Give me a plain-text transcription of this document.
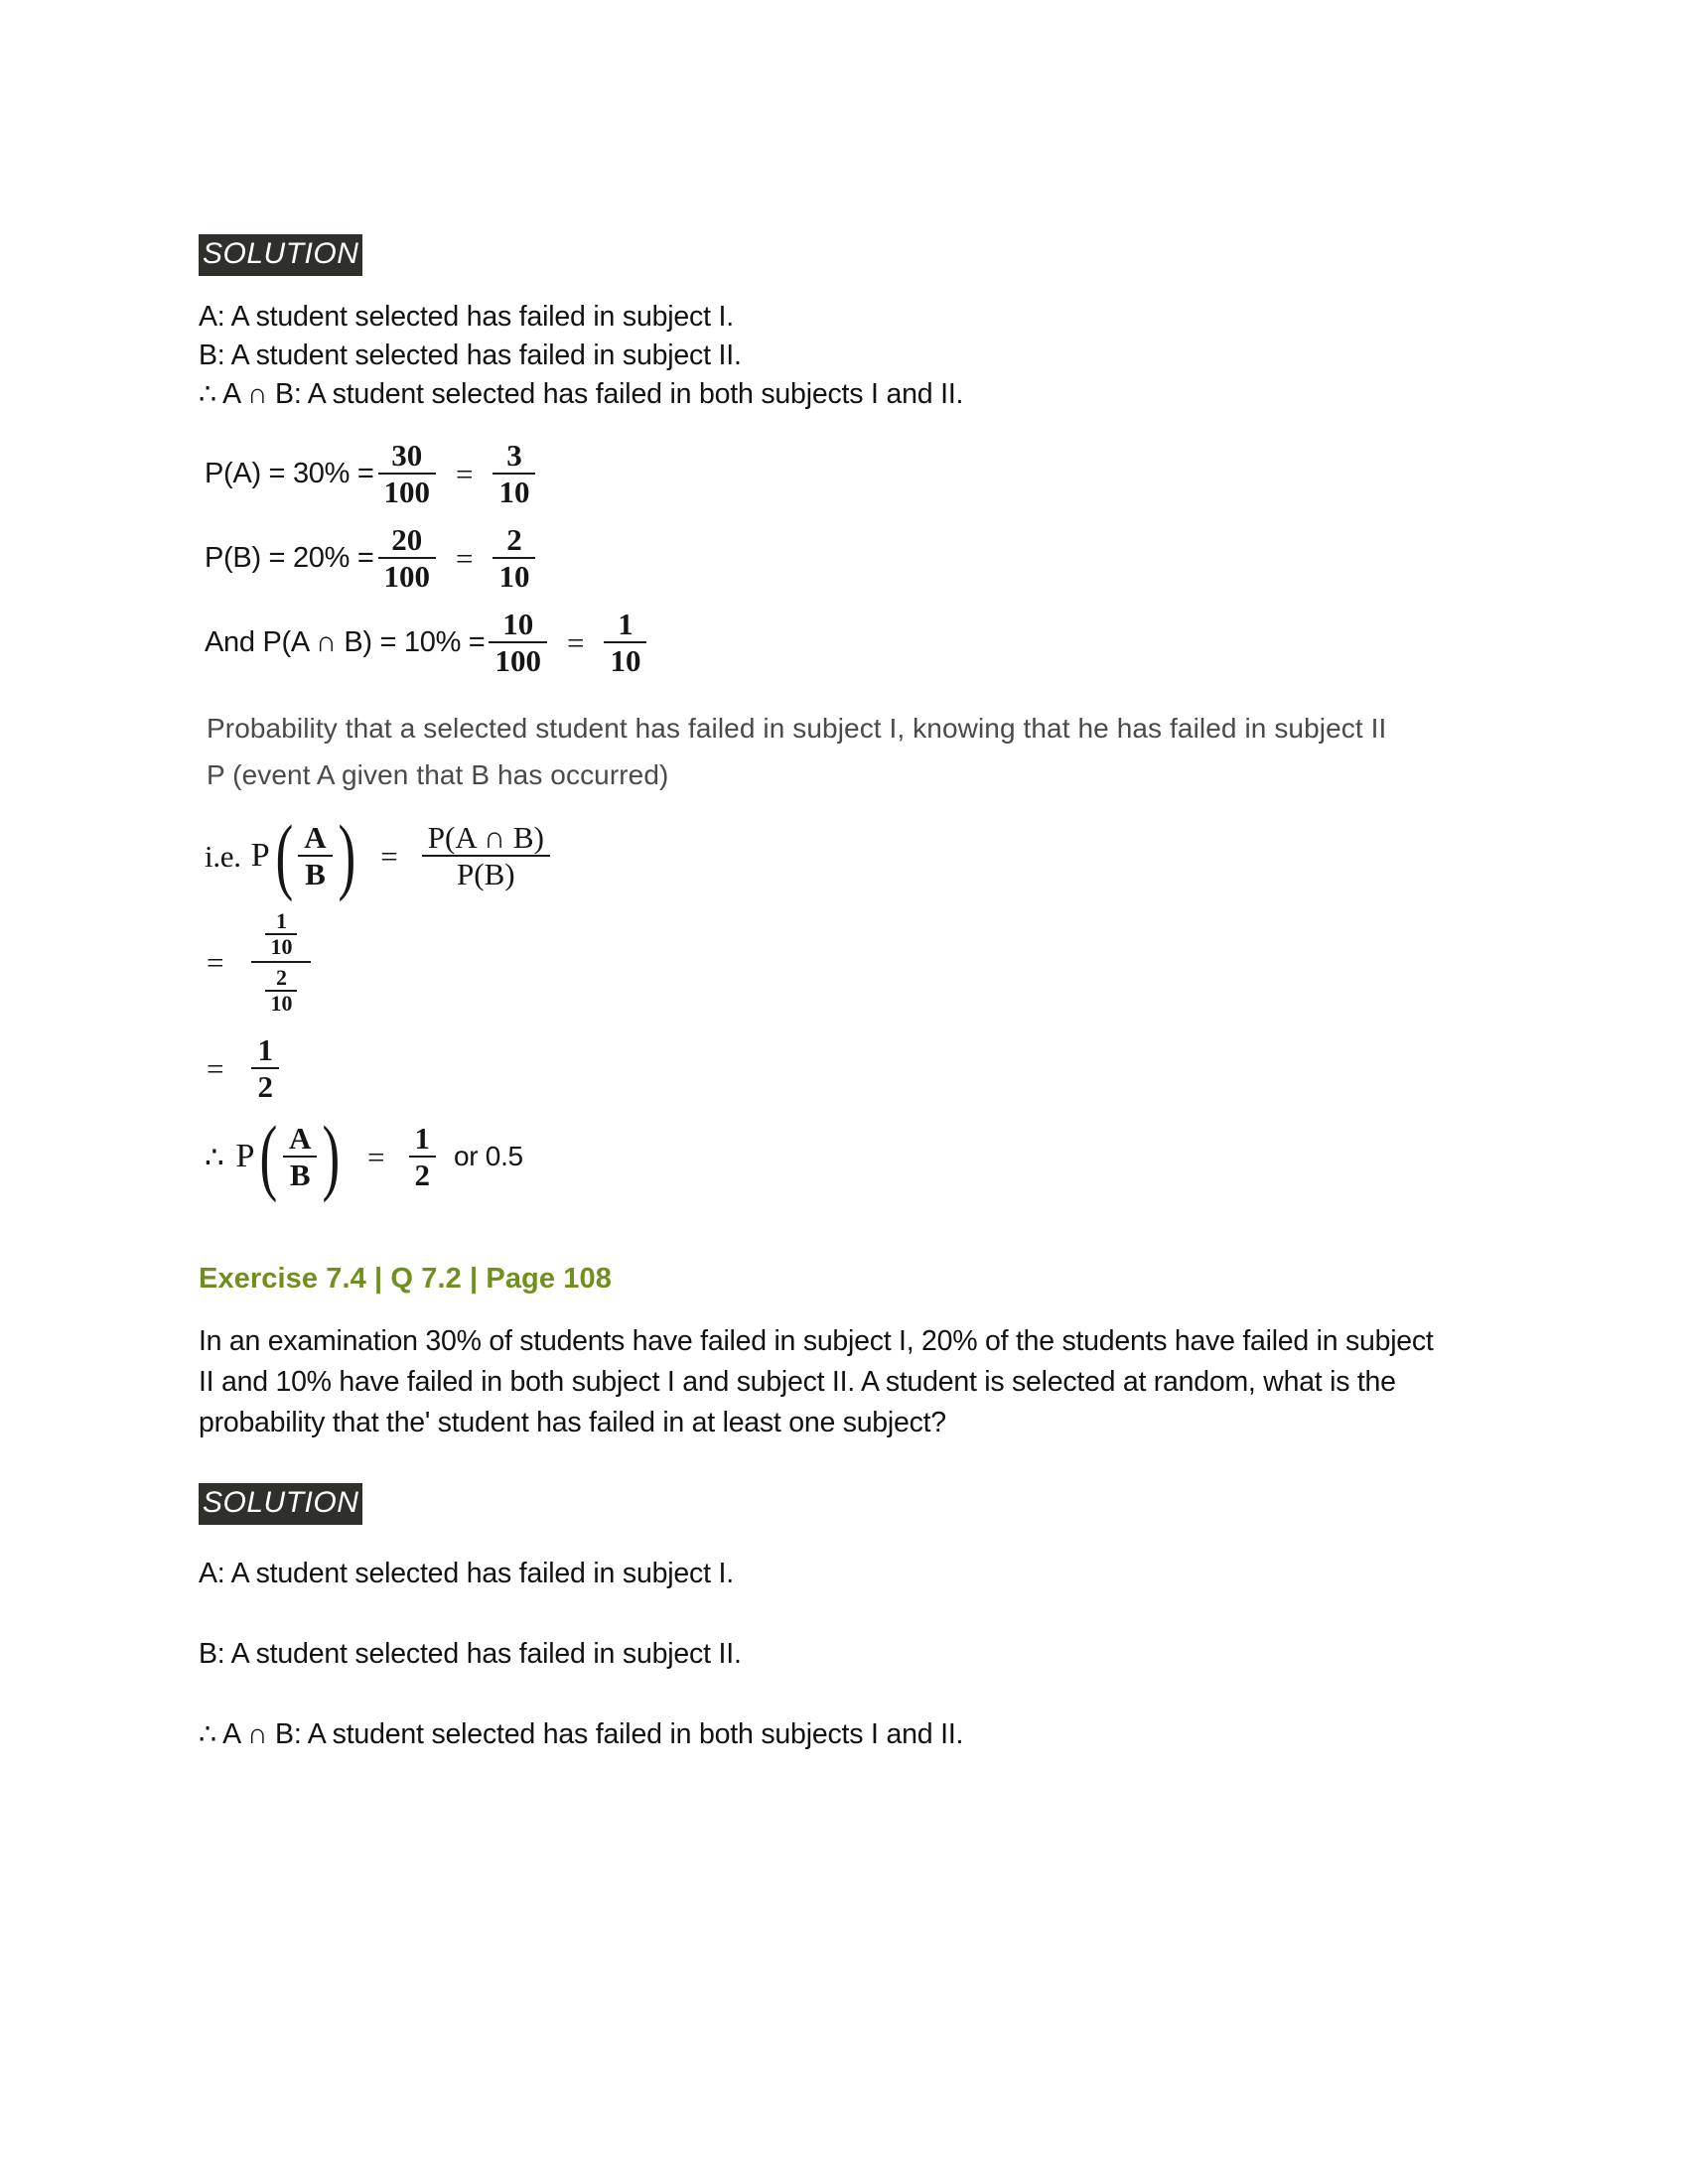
SOLUTION
A: A student selected has failed in subject I.
B: A student selected has failed in subject II.
∴ A ∩ B: A student selected has failed in both subjects I and II.
$P(A) = 30\% = \frac{30}{100} = \frac{3}{10}$
$P(B) = 20\% = \frac{20}{100} = \frac{2}{10}$
And P(A ∩ $B) = 10\% = \frac{10}{100} = \frac{1}{10}$
Probability that a selected student has failed in subject I, knowing that he has failed in subject II
P (event A given that B has occurred)
i.e. P ( $\frac{A}{B}$ ) = $\frac{P(A \cap B)}{P(B)}$
= $\frac{\frac{1}{10}}{\frac{2}{10}}$
= $\frac{1}{2}$
∴ P ( $\frac{A}{B}$ ) = $\frac{1}{2}$ or 0.5
Exercise 7.4 | Q 7.2 | Page 108
In an examination 30% of students have failed in subject I, 20% of the students have failed in subject II and 10% have failed in both subject I and subject II. A student is selected at random, what is the probability that the' student has failed in at least one subject?
SOLUTION
A: A student selected has failed in subject I.
B: A student selected has failed in subject II.
∴ A ∩ B: A student selected has failed in both subjects I and II.
